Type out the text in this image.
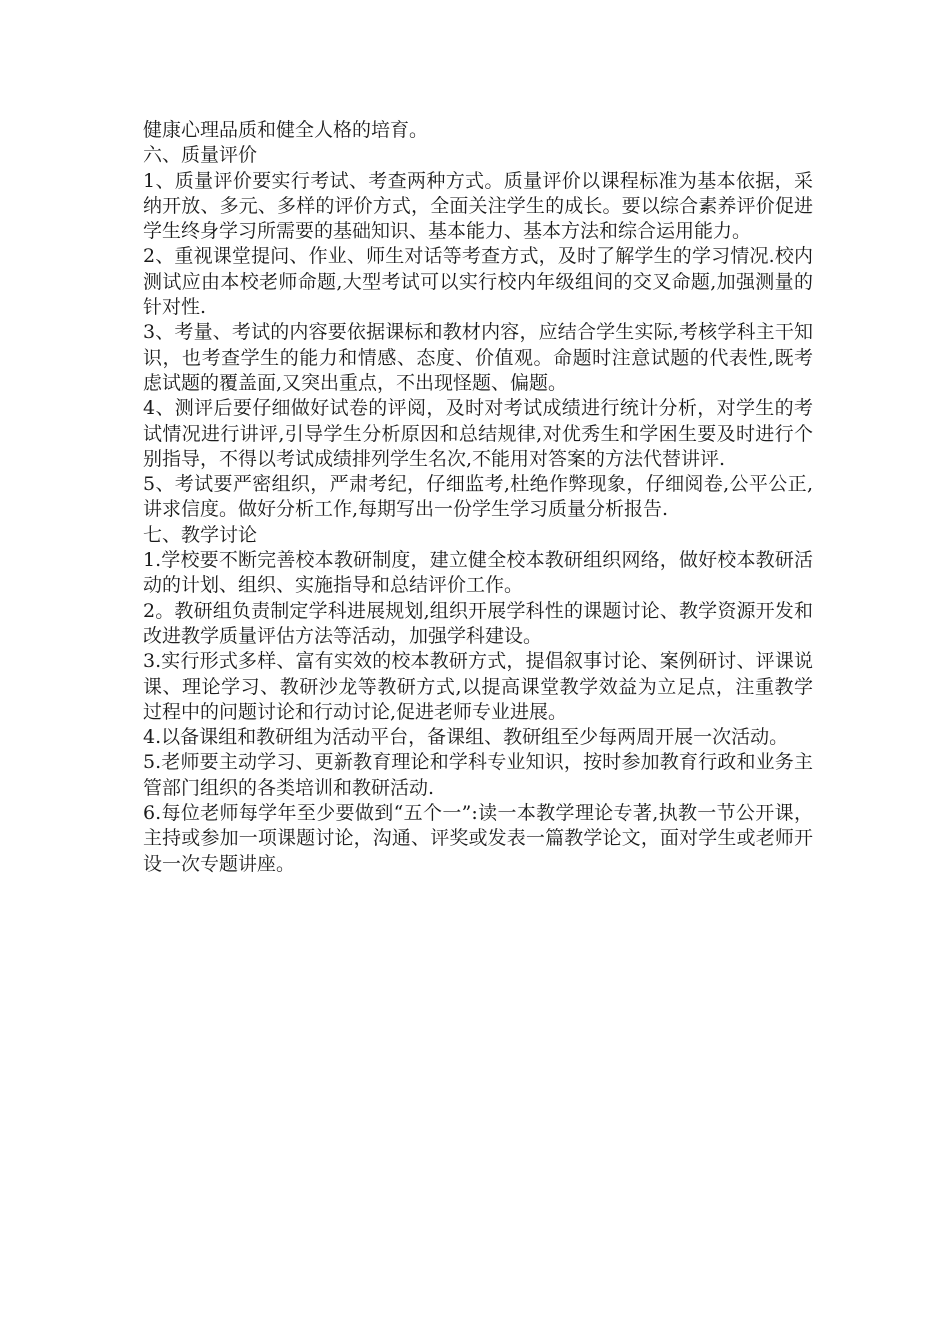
健康心理品质和健全人格的培育。

六、质量评价

1、质量评价要实行考试、考查两种方式。质量评价以课程标准为基本依据，采纳开放、多元、多样的评价方式，全面关注学生的成长。要以综合素养评价促进学生终身学习所需要的基础知识、基本能力、基本方法和综合运用能力。

2、重视课堂提问、作业、师生对话等考查方式，及时了解学生的学习情况.校内测试应由本校老师命题,大型考试可以实行校内年级组间的交叉命题,加强测量的针对性.

3、考量、考试的内容要依据课标和教材内容，应结合学生实际,考核学科主干知识，也考查学生的能力和情感、态度、价值观。命题时注意试题的代表性,既考虑试题的覆盖面,又突出重点，不出现怪题、偏题。

4、测评后要仔细做好试卷的评阅，及时对考试成绩进行统计分析，对学生的考试情况进行讲评,引导学生分析原因和总结规律,对优秀生和学困生要及时进行个别指导，不得以考试成绩排列学生名次,不能用对答案的方法代替讲评.

5、考试要严密组织，严肃考纪，仔细监考,杜绝作弊现象，仔细阅卷,公平公正,讲求信度。做好分析工作,每期写出一份学生学习质量分析报告.

七、教学讨论

1.学校要不断完善校本教研制度，建立健全校本教研组织网络，做好校本教研活动的计划、组织、实施指导和总结评价工作。

2。教研组负责制定学科进展规划,组织开展学科性的课题讨论、教学资源开发和改进教学质量评估方法等活动，加强学科建设。

3.实行形式多样、富有实效的校本教研方式，提倡叙事讨论、案例研讨、评课说课、理论学习、教研沙龙等教研方式,以提高课堂教学效益为立足点，注重教学过程中的问题讨论和行动讨论,促进老师专业进展。

4.以备课组和教研组为活动平台，备课组、教研组至少每两周开展一次活动。

5.老师要主动学习、更新教育理论和学科专业知识，按时参加教育行政和业务主管部门组织的各类培训和教研活动.

6.每位老师每学年至少要做到“五个一”:读一本教学理论专著,执教一节公开课，主持或参加一项课题讨论，沟通、评奖或发表一篇教学论文，面对学生或老师开设一次专题讲座。
